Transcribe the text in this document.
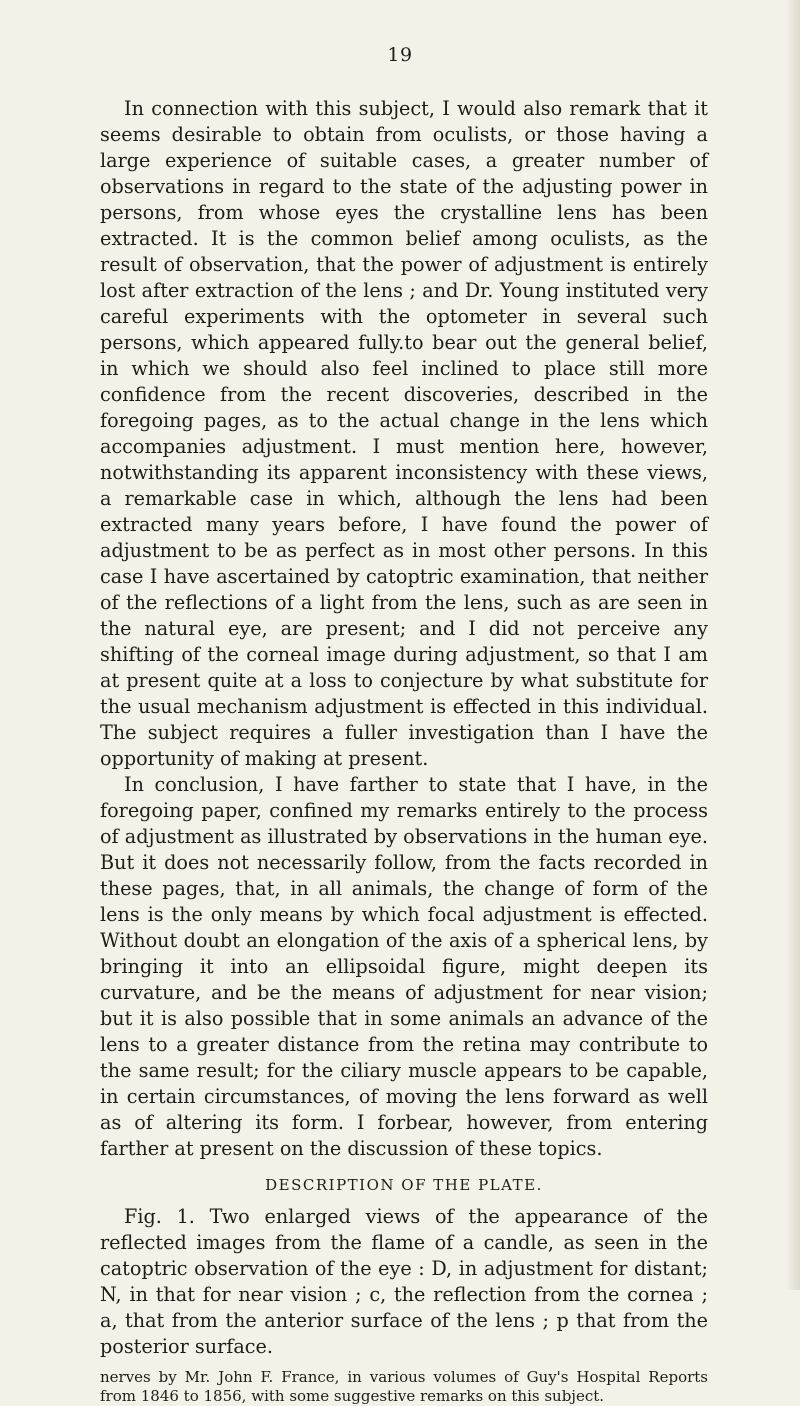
19

In connection with this subject, I would also remark that it seems desirable to obtain from oculists, or those having a large experience of suitable cases, a greater number of observations in regard to the state of the adjusting power in persons, from whose eyes the crystalline lens has been extracted. It is the common belief among oculists, as the result of observation, that the power of adjustment is entirely lost after extraction of the lens ; and Dr. Young instituted very careful experiments with the optometer in several such persons, which appeared fully.to bear out the general belief, in which we should also feel inclined to place still more confidence from the recent discoveries, described in the foregoing pages, as to the actual change in the lens which accompanies adjustment. I must mention here, however, notwithstanding its apparent inconsistency with these views, a remarkable case in which, although the lens had been extracted many years before, I have found the power of adjustment to be as perfect as in most other persons. In this case I have ascertained by catoptric examination, that neither of the reflections of a light from the lens, such as are seen in the natural eye, are present; and I did not perceive any shifting of the corneal image during adjustment, so that I am at present quite at a loss to conjecture by what substitute for the usual mechanism adjustment is effected in this individual. The subject requires a fuller investigation than I have the opportunity of making at present.

In conclusion, I have farther to state that I have, in the foregoing paper, confined my remarks entirely to the process of adjustment as illustrated by observations in the human eye. But it does not necessarily follow, from the facts recorded in these pages, that, in all animals, the change of form of the lens is the only means by which focal adjustment is effected. Without doubt an elongation of the axis of a spherical lens, by bringing it into an ellipsoidal figure, might deepen its curvature, and be the means of adjustment for near vision; but it is also possible that in some animals an advance of the lens to a greater distance from the retina may contribute to the same result; for the ciliary muscle appears to be capable, in certain circumstances, of moving the lens forward as well as of altering its form. I forbear, however, from entering farther at present on the discussion of these topics.

DESCRIPTION OF THE PLATE.

Fig. 1. Two enlarged views of the appearance of the reflected images from the flame of a candle, as seen in the catoptric observation of the eye : D, in adjustment for distant; N, in that for near vision ; c, the reflection from the cornea ; a, that from the anterior surface of the lens ; p that from the posterior surface.

nerves by Mr. John F. France, in various volumes of Guy's Hospital Reports from 1846 to 1856, with some suggestive remarks on this subject.
